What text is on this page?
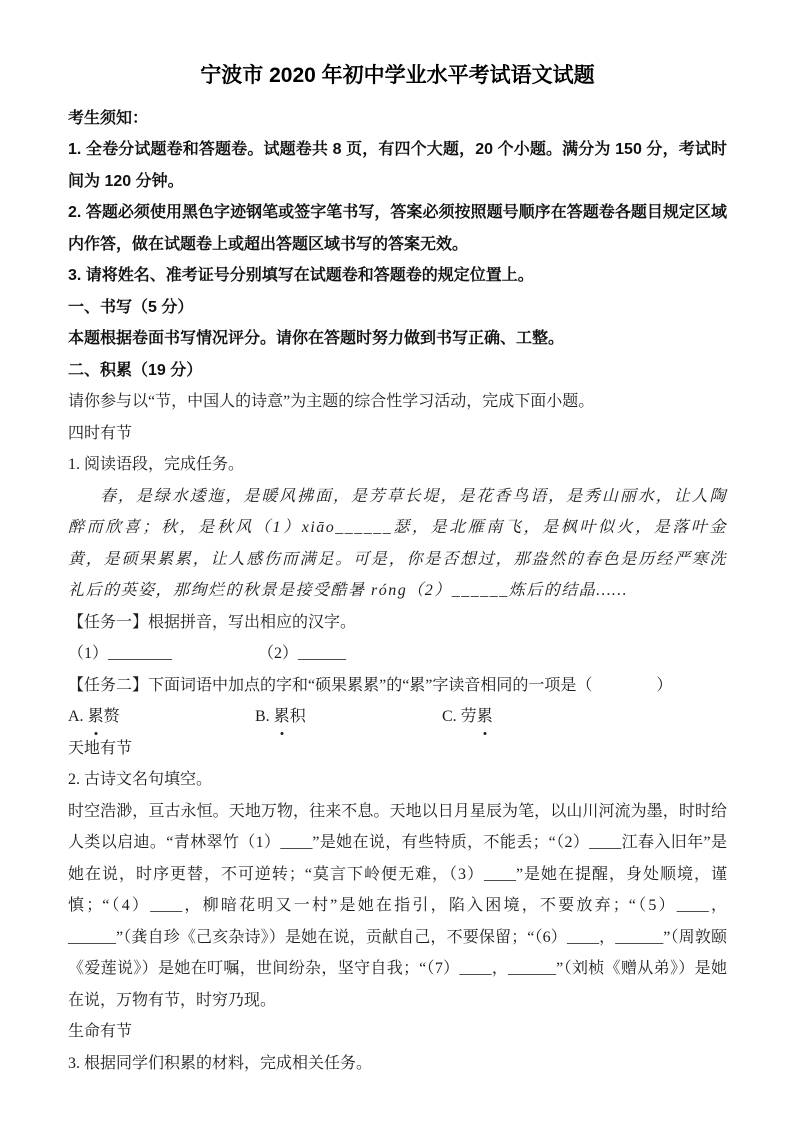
宁波市 2020 年初中学业水平考试语文试题

考生须知：

1. 全卷分试题卷和答题卷。试题卷共 8 页，有四个大题，20 个小题。满分为 150 分，考试时间为 120 分钟。

2. 答题必须使用黑色字迹钢笔或签字笔书写，答案必须按照题号顺序在答题卷各题目规定区域内作答，做在试题卷上或超出答题区域书写的答案无效。

3. 请将姓名、准考证号分别填写在试题卷和答题卷的规定位置上。

一、书写（5 分）

本题根据卷面书写情况评分。请你在答题时努力做到书写正确、工整。

二、积累（19 分）

请你参与以“节，中国人的诗意”为主题的综合性学习活动，完成下面小题。

四时有节

1. 阅读语段，完成任务。

春，是绿水逶迤，是暖风拂面，是芳草长堤，是花香鸟语，是秀山丽水，让人陶醉而欣喜；秋，是秋风（1）xiāo______瑟，是北雁南飞，是枫叶似火，是落叶金黄，是硕果累累，让人感伤而满足。可是，你是否想过，那盎然的春色是历经严寒洗礼后的英姿，那绚烂的秋景是接受酷暑 róng（2）______炼后的结晶……

【任务一】根据拼音，写出相应的汉字。

（1）________	（2）______

【任务二】下面词语中加点的字和“硕果累累”的“累”字读音相同的一项是（　　　　）

A. 累赘	B. 累积	C. 劳累

天地有节

2. 古诗文名句填空。

时空浩渺，亘古永恒。天地万物，往来不息。天地以日月星辰为笔，以山川河流为墨，时时给人类以启迪。“青林翠竹（1）____”是她在说，有些特质，不能丢；“（2）____江春入旧年”是她在说，时序更替，不可逆转；“莫言下岭便无难，（3）____”是她在提醒，身处顺境，谨慎；“（4）____，柳暗花明又一村”是她在指引，陷入困境，不要放弃；“（5）____，______”（龚自珍《己亥杂诗》）是她在说，贡献自己，不要保留；“（6）____，______”（周敦颐《爱莲说》）是她在叮嘱，世间纷杂，坚守自我；“（7）____，______”（刘桢《赠从弟》）是她在说，万物有节，时穷乃现。

生命有节

3. 根据同学们积累的材料，完成相关任务。
